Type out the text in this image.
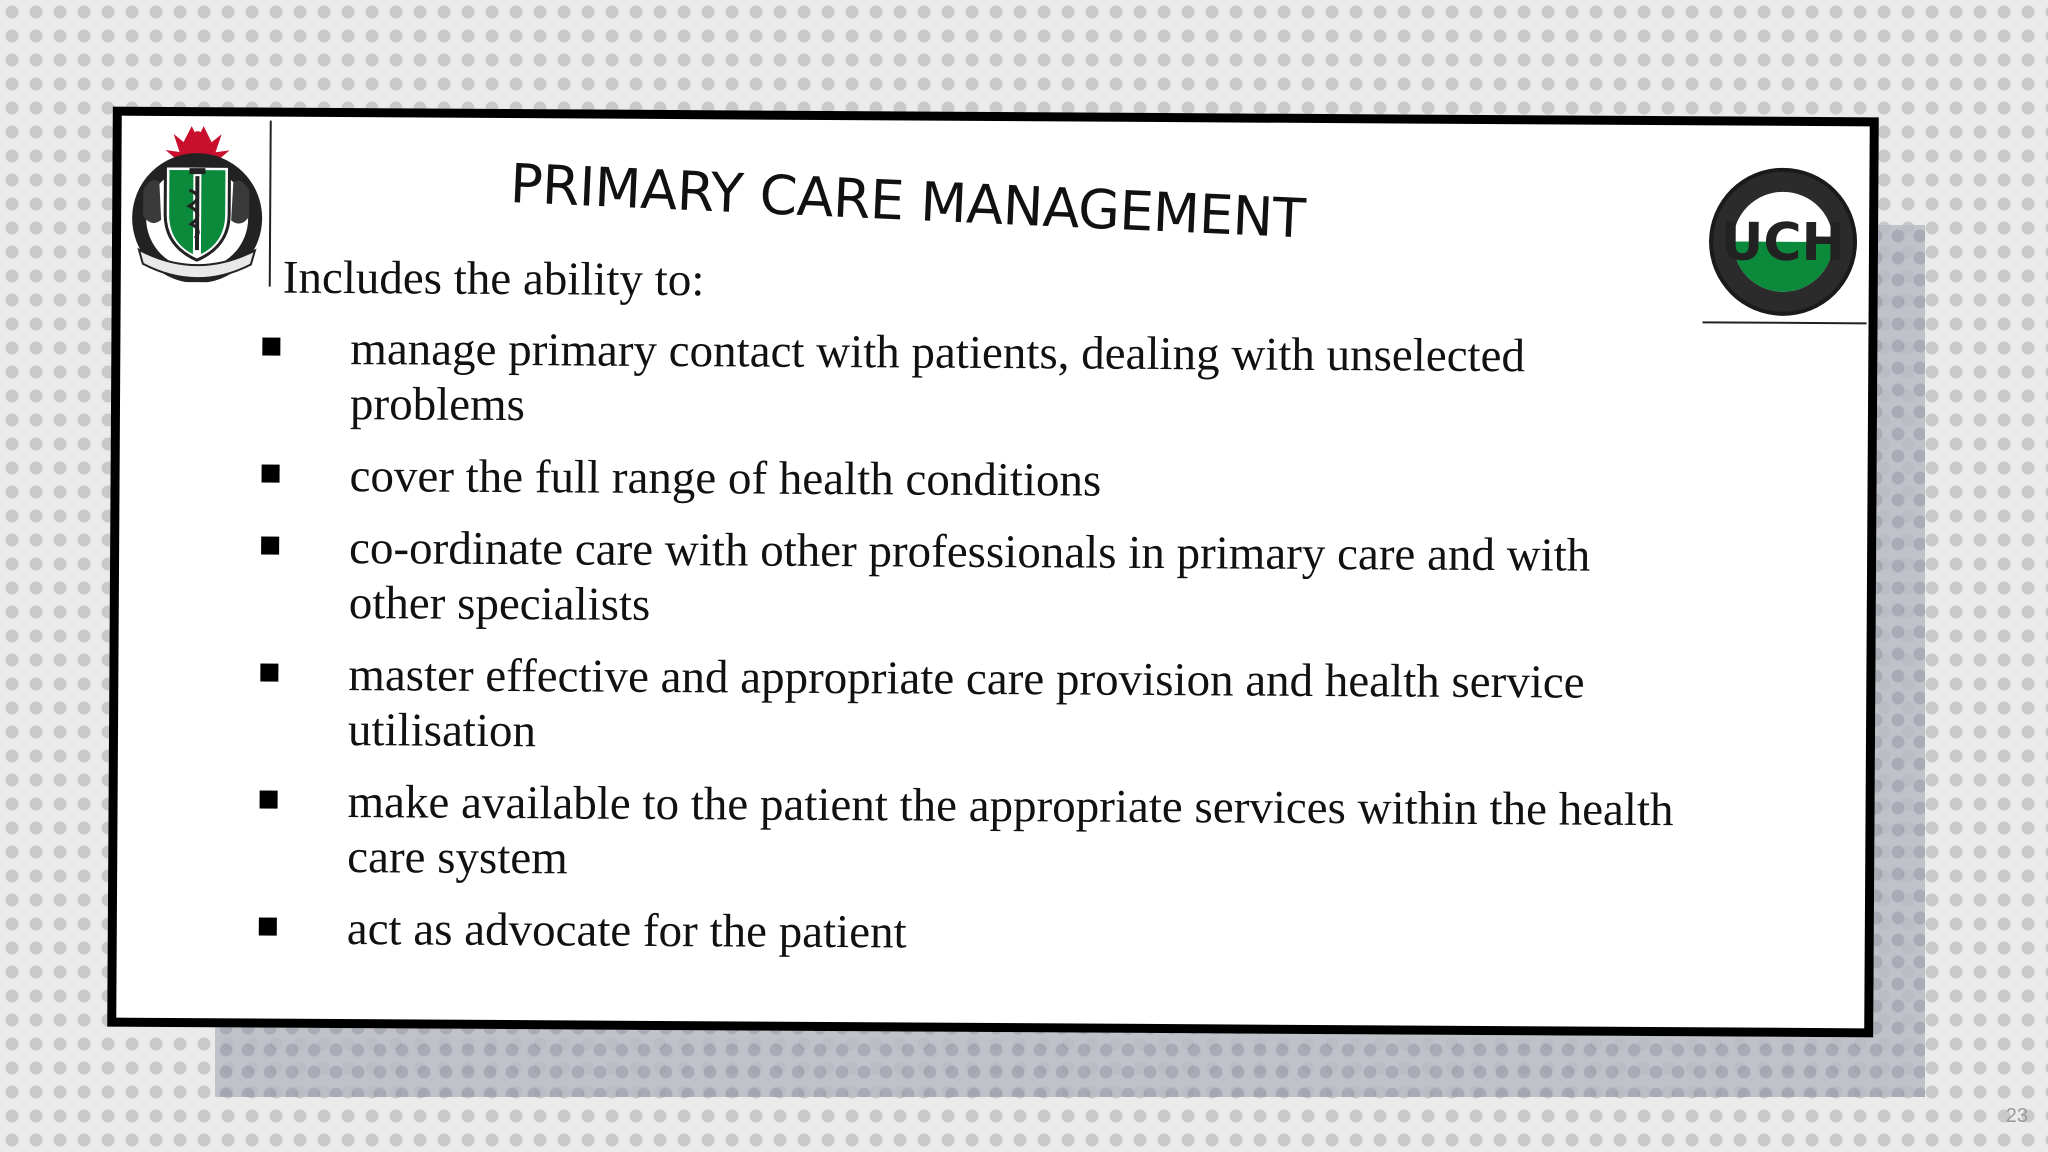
UCH
PRIMARY CARE MANAGEMENT
Includes the ability to:
manage primary contact with patients, dealing with unselected problems
cover the full range of health conditions
co-ordinate care with other professionals in primary care and with other specialists
master effective and appropriate care provision and health service utilisation
make available to the patient the appropriate services within the health care system
act as advocate for the patient
23
